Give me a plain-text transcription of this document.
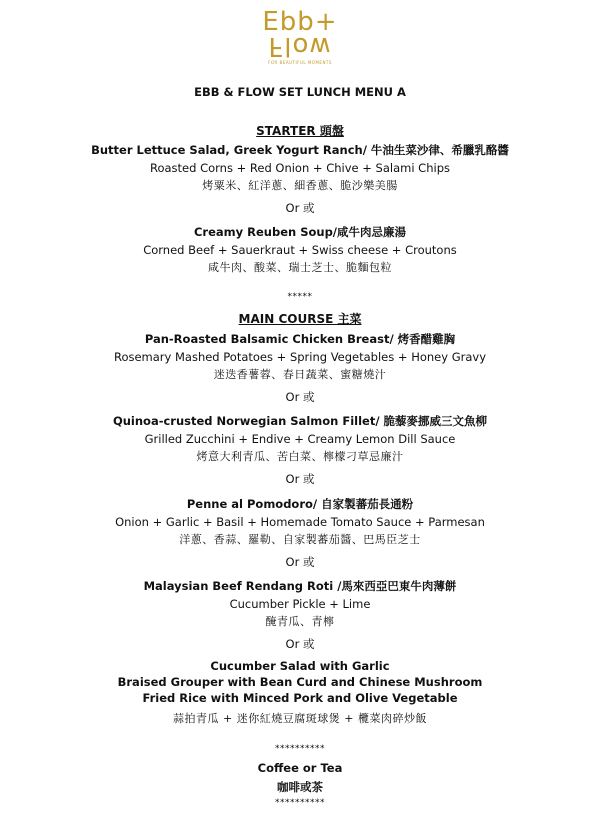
Ebb+
Flow
FOR BEAUTIFUL MOMENTS
EBB & FLOW SET LUNCH MENU A
STARTER 頭盤
Butter Lettuce Salad, Greek Yogurt Ranch/ 牛油生菜沙律、希臘乳酪醬
Roasted Corns + Red Onion + Chive + Salami Chips
烤粟米、紅洋蔥、細香蔥、脆沙樂美腸
Or 或
Creamy Reuben Soup/咸牛肉忌廉湯
Corned Beef + Sauerkraut + Swiss cheese + Croutons
咸牛肉、酸菜、瑞士芝士、脆麵包粒
*****
MAIN COURSE 主菜
Pan-Roasted Balsamic Chicken Breast/ 烤香醋雞胸
Rosemary Mashed Potatoes + Spring Vegetables + Honey Gravy
迷迭香薯蓉、春日蔬菜、蜜糖燒汁
Or 或
Quinoa-crusted Norwegian Salmon Fillet/ 脆藜麥挪威三文魚柳
Grilled Zucchini + Endive + Creamy Lemon Dill Sauce
烤意大利青瓜、苦白菜、檸檬刁草忌廉汁
Or 或
Penne al Pomodoro/ 自家製蕃茄長通粉
Onion + Garlic + Basil + Homemade Tomato Sauce + Parmesan
洋蔥、香蒜、羅勒、自家製蕃茄醬、巴馬臣芝士
Or 或
Malaysian Beef Rendang Roti /馬來西亞巴東牛肉薄餅
Cucumber Pickle + Lime
醃青瓜、青檸
Or 或
Cucumber Salad with Garlic
Braised Grouper with Bean Curd and Chinese Mushroom
Fried Rice with Minced Pork and Olive Vegetable
蒜拍青瓜 + 迷你紅燒豆腐斑球煲 + 欖菜肉碎炒飯
**********
Coffee or Tea
咖啡或茶
**********
